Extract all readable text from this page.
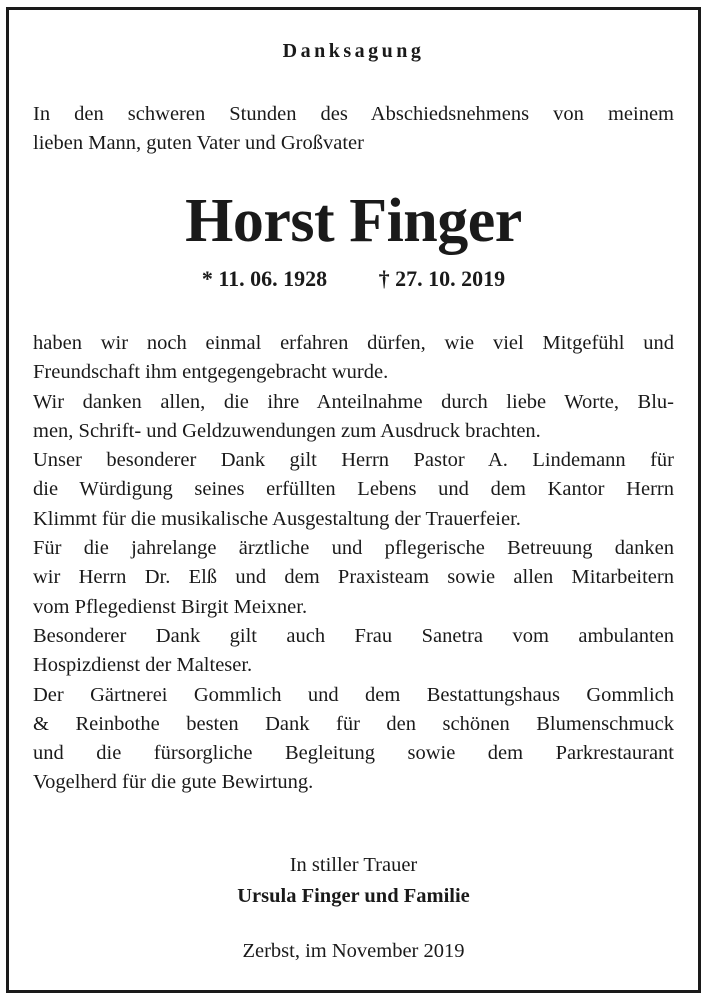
Danksagung
In den schweren Stunden des Abschiedsnehmens von meinem
lieben Mann, guten Vater und Großvater
Horst Finger
* 11. 06. 1928 † 27. 10. 2019
haben wir noch einmal erfahren dürfen, wie viel Mitgefühl und
Freundschaft ihm entgegengebracht wurde.
Wir danken allen, die ihre Anteilnahme durch liebe Worte, Blu-
men, Schrift- und Geldzuwendungen zum Ausdruck brachten.
Unser besonderer Dank gilt Herrn Pastor A. Lindemann für
die Würdigung seines erfüllten Lebens und dem Kantor Herrn
Klimmt für die musikalische Ausgestaltung der Trauerfeier.
Für die jahrelange ärztliche und pflegerische Betreuung danken
wir Herrn Dr. Elß und dem Praxisteam sowie allen Mitarbeitern
vom Pflegedienst Birgit Meixner.
Besonderer Dank gilt auch Frau Sanetra vom ambulanten
Hospizdienst der Malteser.
Der Gärtnerei Gommlich und dem Bestattungshaus Gommlich
& Reinbothe besten Dank für den schönen Blumenschmuck
und die fürsorgliche Begleitung sowie dem Parkrestaurant
Vogelherd für die gute Bewirtung.
In stiller Trauer
Ursula Finger und Familie
Zerbst, im November 2019
